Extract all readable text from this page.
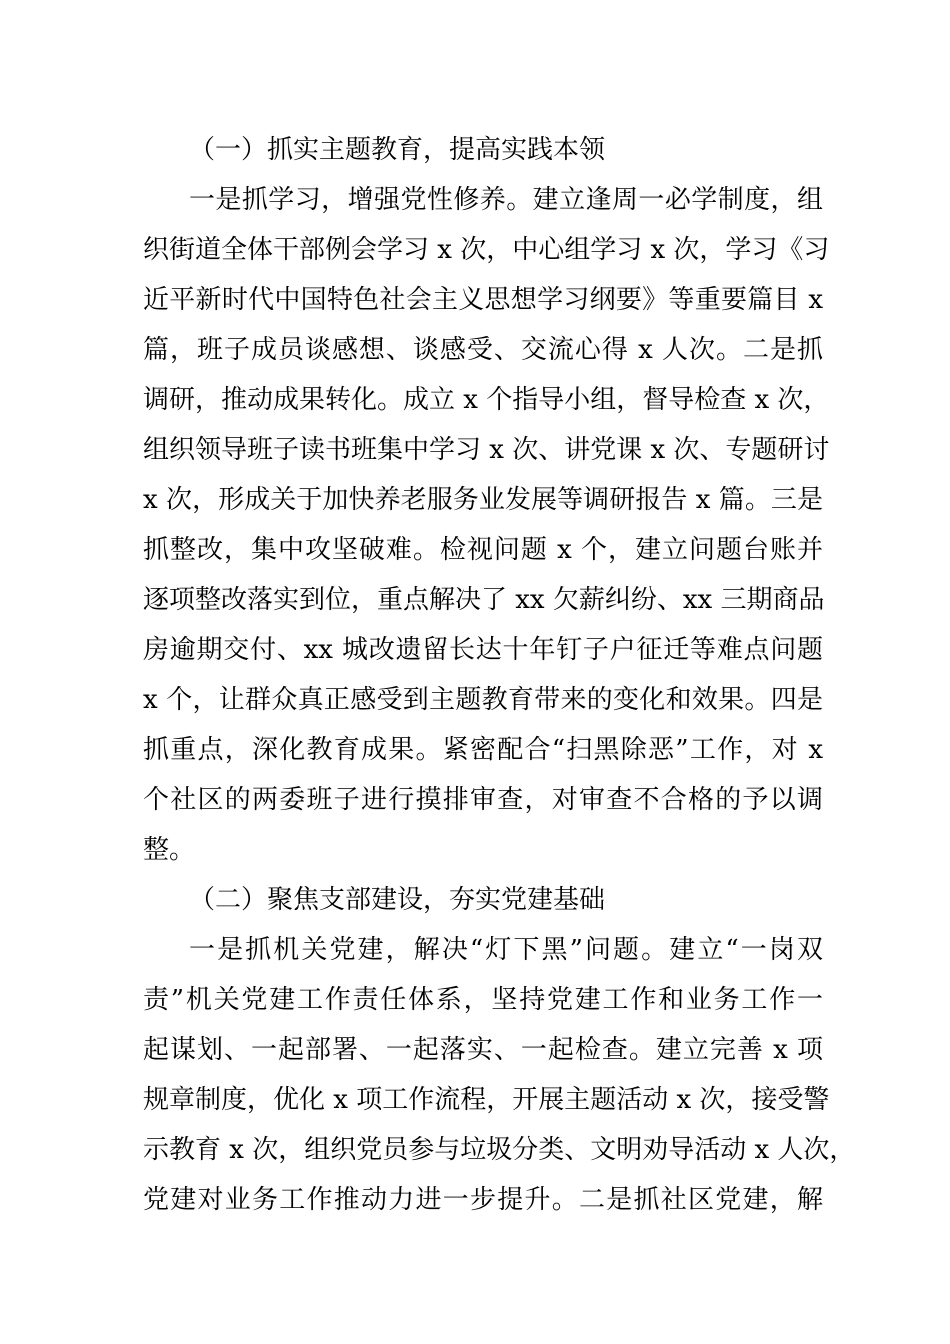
（一）抓实主题教育，提高实践本领
一是抓学习，增强党性修养。建立逢周一必学制度，组
织街道全体干部例会学习 x 次，中心组学习 x 次，学习《习
近平新时代中国特色社会主义思想学习纲要》等重要篇目 x
篇，班子成员谈感想、谈感受、交流心得 x 人次。二是抓
调研，推动成果转化。成立 x 个指导小组，督导检查 x 次，
组织领导班子读书班集中学习 x 次、讲党课 x 次、专题研讨
x 次，形成关于加快养老服务业发展等调研报告 x 篇。三是
抓整改，集中攻坚破难。检视问题 x 个，建立问题台账并
逐项整改落实到位，重点解决了 xx 欠薪纠纷、xx 三期商品
房逾期交付、xx 城改遗留长达十年钉子户征迁等难点问题
x 个，让群众真正感受到主题教育带来的变化和效果。四是
抓重点，深化教育成果。紧密配合“扫黑除恶”工作，对 x
个社区的两委班子进行摸排审查，对审查不合格的予以调
整。
（二）聚焦支部建设，夯实党建基础
一是抓机关党建，解决“灯下黑”问题。建立“一岗双
责”机关党建工作责任体系，坚持党建工作和业务工作一
起谋划、一起部署、一起落实、一起检查。建立完善 x 项
规章制度，优化 x 项工作流程，开展主题活动 x 次，接受警
示教育 x 次，组织党员参与垃圾分类、文明劝导活动 x 人次，
党建对业务工作推动力进一步提升。二是抓社区党建，解
